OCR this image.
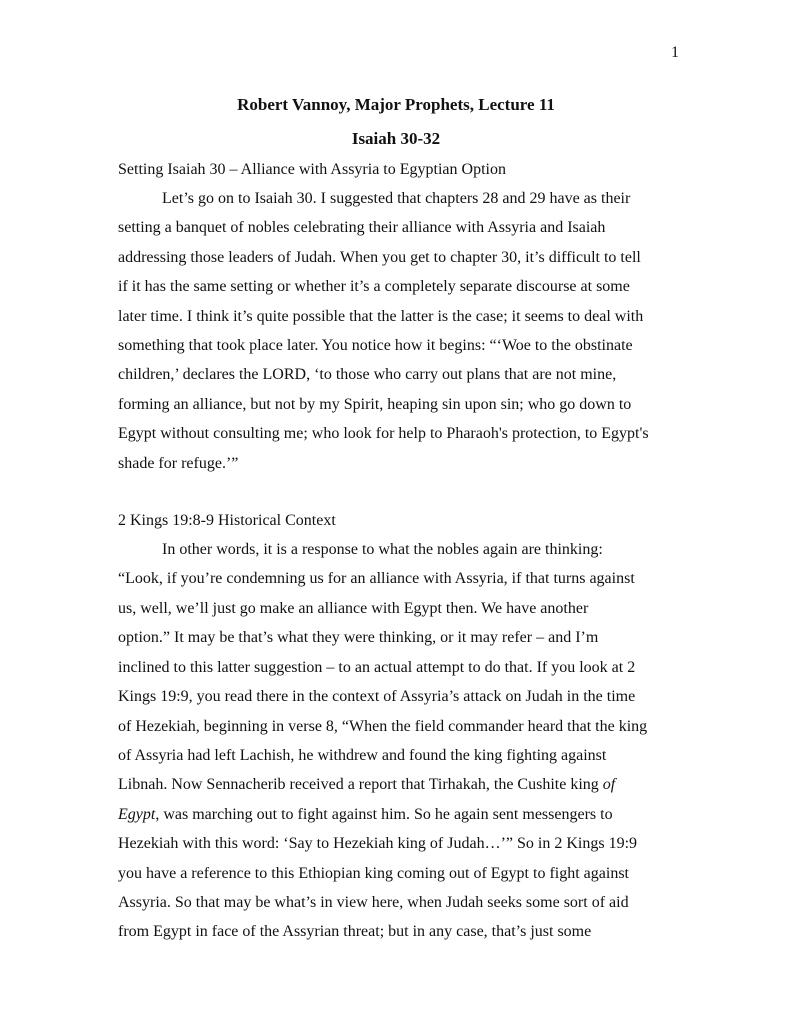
1

Robert Vannoy, Major Prophets, Lecture 11

Isaiah 30-32

Setting Isaiah 30 – Alliance with Assyria to Egyptian Option

Let’s go on to Isaiah 30. I suggested that chapters 28 and 29 have as their
setting a banquet of nobles celebrating their alliance with Assyria and Isaiah
addressing those leaders of Judah. When you get to chapter 30, it’s difficult to tell
if it has the same setting or whether it’s a completely separate discourse at some
later time. I think it’s quite possible that the latter is the case; it seems to deal with
something that took place later. You notice how it begins: “‘Woe to the obstinate
children,’ declares the LORD, ‘to those who carry out plans that are not mine,
forming an alliance, but not by my Spirit, heaping sin upon sin; who go down to
Egypt without consulting me; who look for help to Pharaoh's protection, to Egypt's
shade for refuge.’”

2 Kings 19:8-9 Historical Context

In other words, it is a response to what the nobles again are thinking:
“Look, if you’re condemning us for an alliance with Assyria, if that turns against
us, well, we’ll just go make an alliance with Egypt then. We have another
option.” It may be that’s what they were thinking, or it may refer – and I’m
inclined to this latter suggestion – to an actual attempt to do that. If you look at 2
Kings 19:9, you read there in the context of Assyria’s attack on Judah in the time
of Hezekiah, beginning in verse 8, “When the field commander heard that the king
of Assyria had left Lachish, he withdrew and found the king fighting against
Libnah. Now Sennacherib received a report that Tirhakah, the Cushite king of
Egypt, was marching out to fight against him. So he again sent messengers to
Hezekiah with this word: ‘Say to Hezekiah king of Judah…’” So in 2 Kings 19:9
you have a reference to this Ethiopian king coming out of Egypt to fight against
Assyria. So that may be what’s in view here, when Judah seeks some sort of aid
from Egypt in face of the Assyrian threat; but in any case, that’s just some
